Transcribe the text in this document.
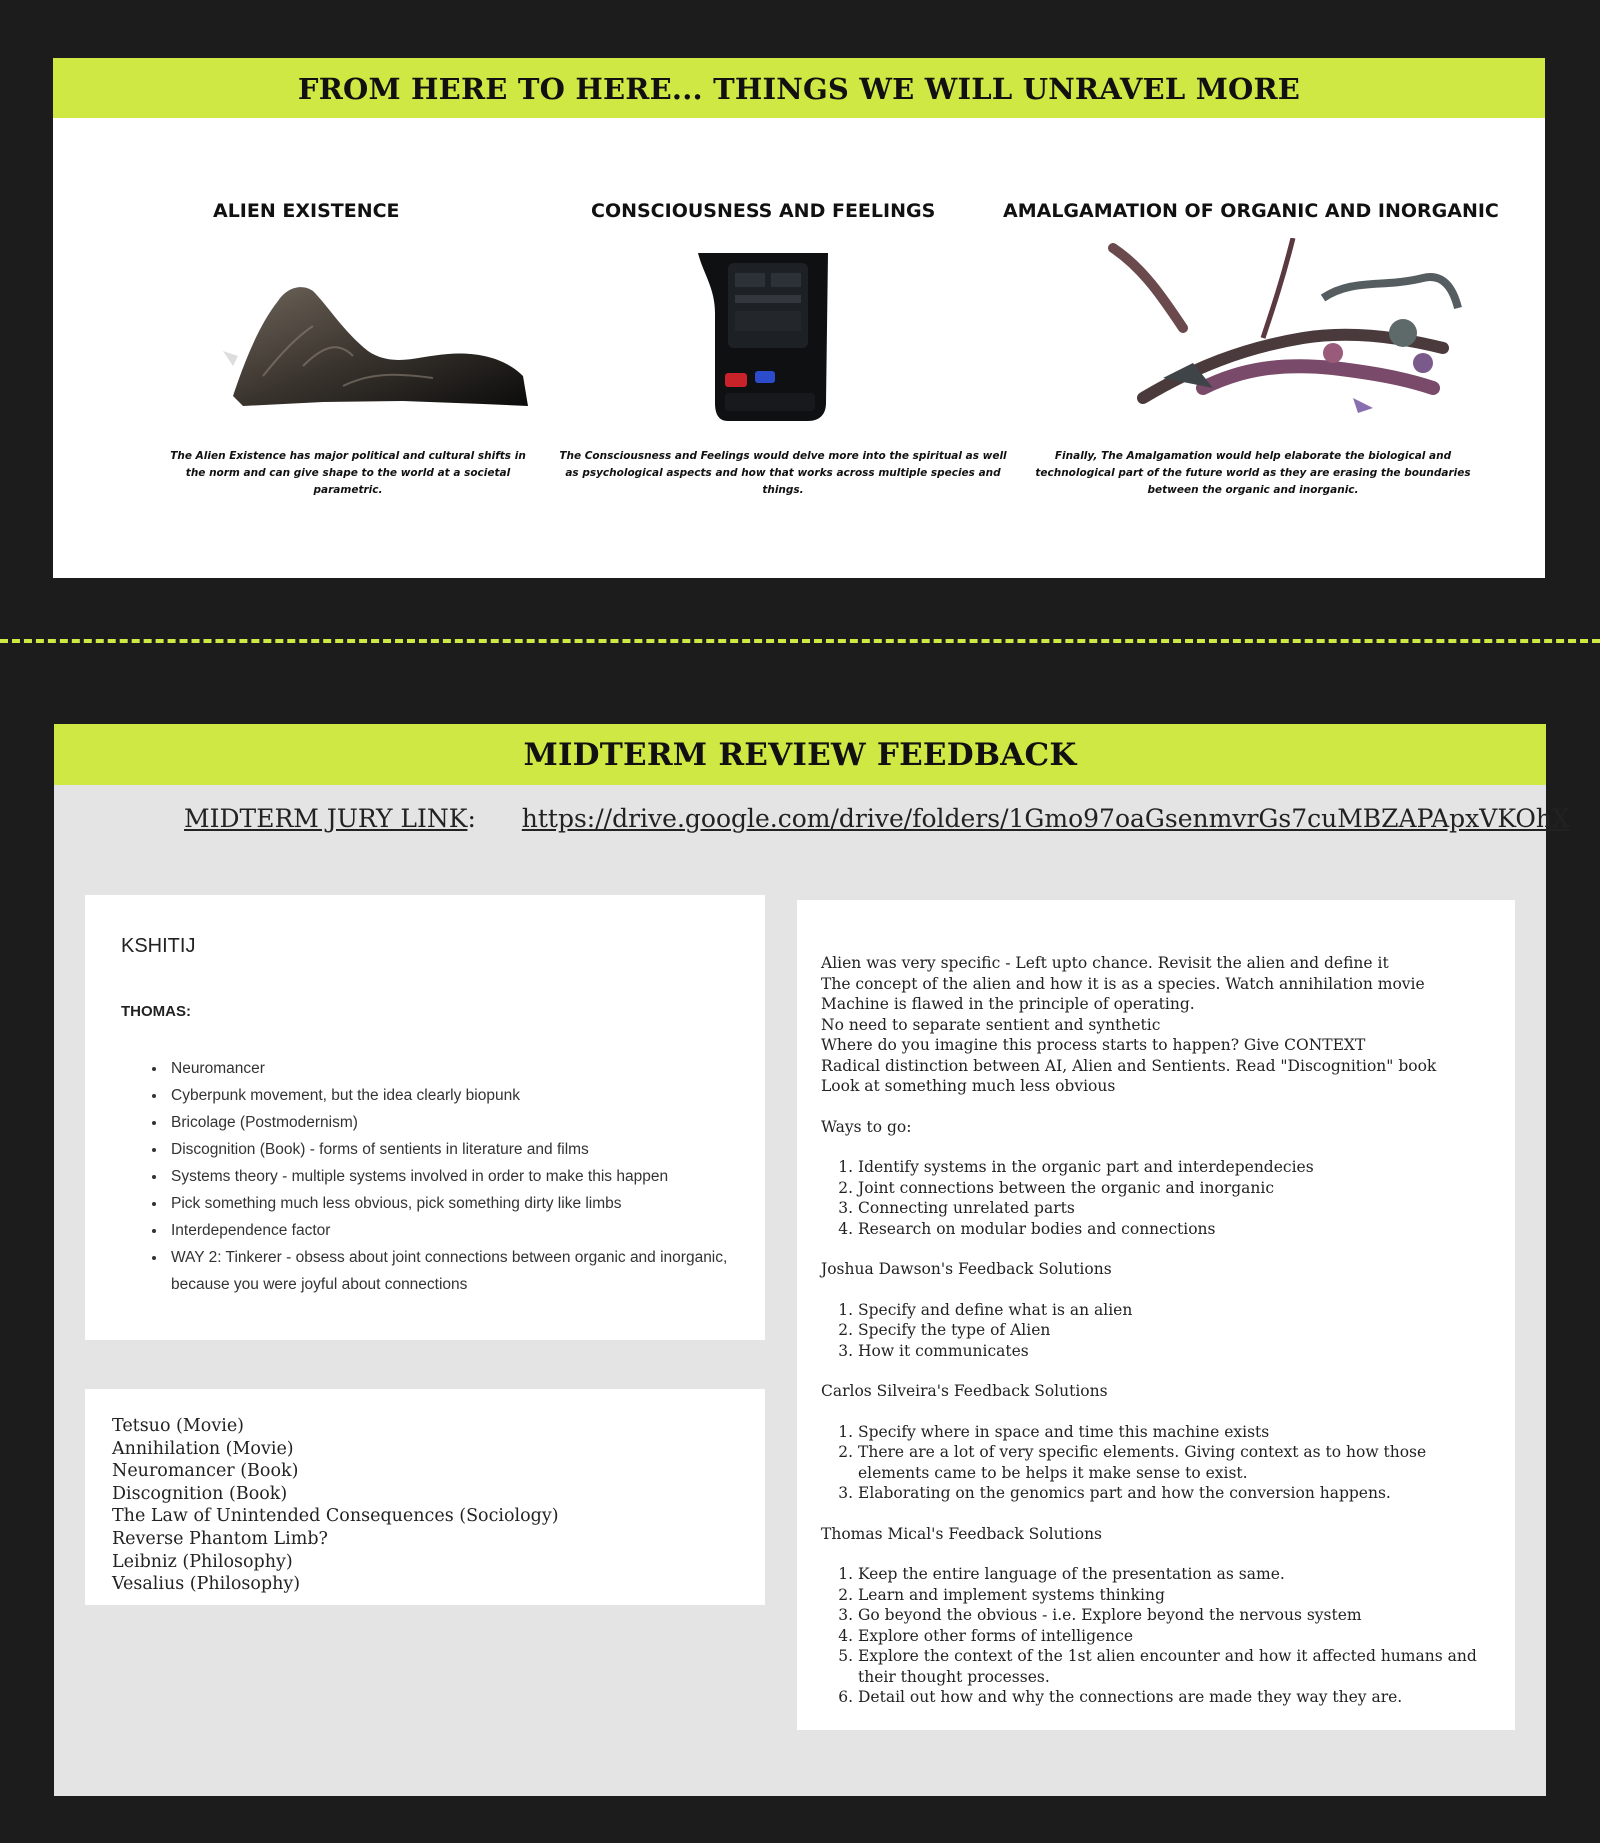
FROM HERE TO HERE... THINGS WE WILL UNRAVEL MORE
ALIEN EXISTENCE
The Alien Existence has major political and cultural shifts in the norm and can give shape to the world at a societal parametric.
CONSCIOUSNESS AND FEELINGS
The Consciousness and Feelings would delve more into the spiritual as well as psychological aspects and how that works across multiple species and things.
AMALGAMATION OF ORGANIC AND INORGANIC
Finally, The Amalgamation would help elaborate the biological and technological part of the future world as they are erasing the boundaries between the organic and inorganic.
MIDTERM REVIEW FEEDBACK
MIDTERM JURY LINK: https://drive.google.com/drive/folders/1Gmo97oaGsenmvrGs7cuMBZAPApxVKOhX
KSHITIJ
THOMAS:
• Neuromancer
• Cyberpunk movement, but the idea clearly biopunk
• Bricolage (Postmodernism)
• Discognition (Book) - forms of sentients in literature and films
• Systems theory - multiple systems involved in order to make this happen
• Pick something much less obvious, pick something dirty like limbs
• Interdependence factor
• WAY 2: Tinkerer - obsess about joint connections between organic and inorganic, because you were joyful about connections
Tetsuo (Movie)
Annihilation (Movie)
Neuromancer (Book)
Discognition (Book)
The Law of Unintended Consequences (Sociology)
Reverse Phantom Limb?
Leibniz (Philosophy)
Vesalius (Philosophy)
Alien was very specific - Left upto chance. Revisit the alien and define it
The concept of the alien and how it is as a species. Watch annihilation movie
Machine is flawed in the principle of operating.
No need to separate sentient and synthetic
Where do you imagine this process starts to happen? Give CONTEXT
Radical distinction between AI, Alien and Sentients. Read "Discognition" book
Look at something much less obvious
Ways to go:
1. Identify systems in the organic part and interdependecies
2. Joint connections between the organic and inorganic
3. Connecting unrelated parts
4. Research on modular bodies and connections
Joshua Dawson's Feedback Solutions
1. Specify and define what is an alien
2. Specify the type of Alien
3. How it communicates
Carlos Silveira's Feedback Solutions
1. Specify where in space and time this machine exists
2. There are a lot of very specific elements. Giving context as to how those elements came to be helps it make sense to exist.
3. Elaborating on the genomics part and how the conversion happens.
Thomas Mical's Feedback Solutions
1. Keep the entire language of the presentation as same.
2. Learn and implement systems thinking
3. Go beyond the obvious - i.e. Explore beyond the nervous system
4. Explore other forms of intelligence
5. Explore the context of the 1st alien encounter and how it affected humans and their thought processes.
6. Detail out how and why the connections are made they way they are.
